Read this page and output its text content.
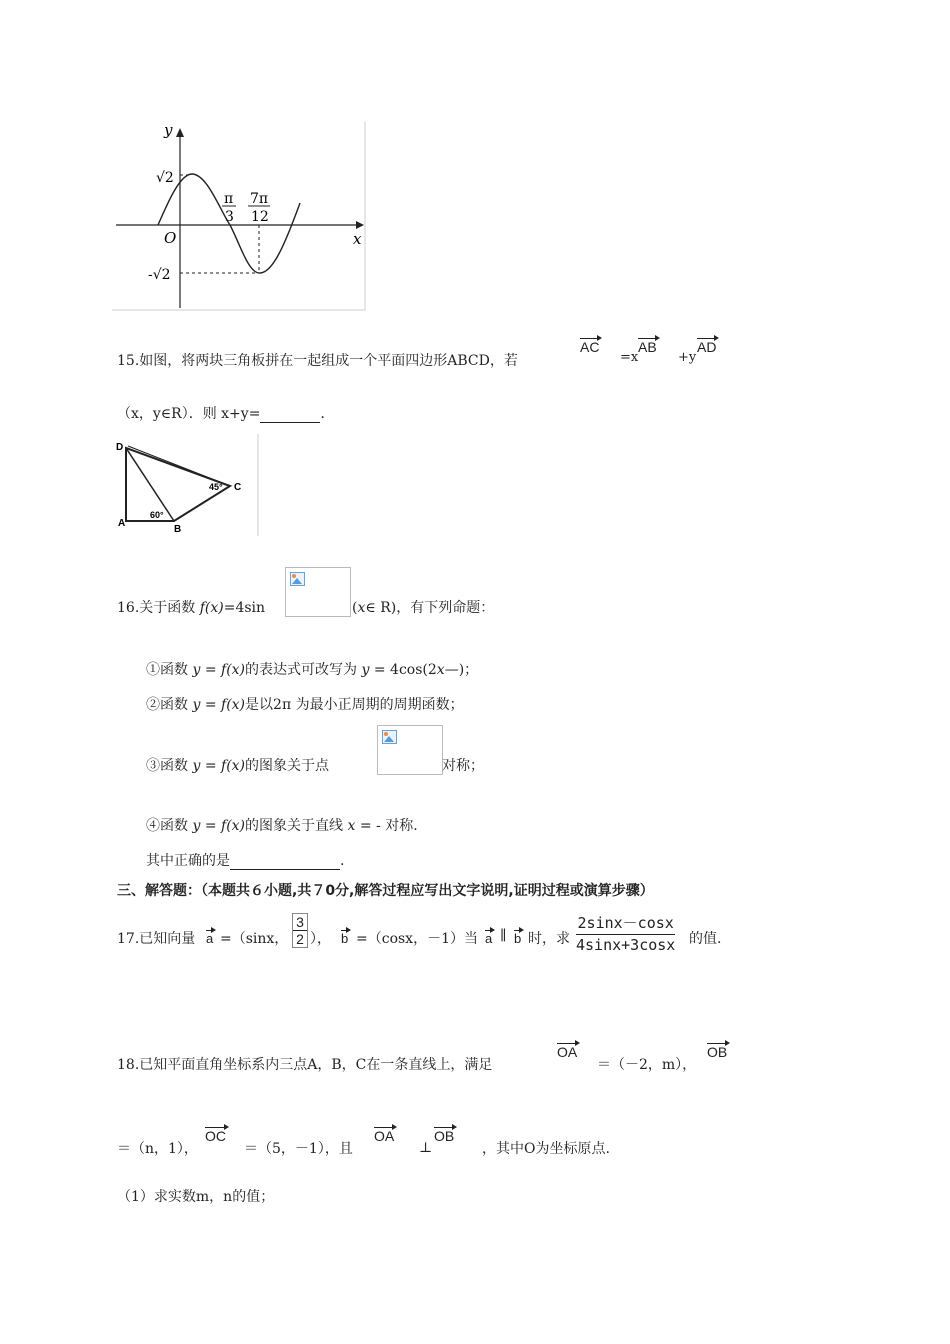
y
x
O
√2
-√2
π
3
7π
12
15.如图，将两块三角板拼在一起组成一个平面四边形ABCD，若
AC
=x
AB
+y
AD
（x，y∈R）．则 x+y=	．
D
A
B
C
60°
45°
16.关于函数 f(x)=4sin	(x∈ R)，有下列命题：
①函数 y = f(x)的表达式可改写为 y = 4cos(2x—)；
②函数 y = f(x)是以2π 为最小正周期的周期函数；
③函数 y = f(x)的图象关于点	对称；
④函数 y = f(x)的图象关于直线 x = - 对称.
其中正确的是	.
三、解答题：（本题共６小题,共７0分,解答过程应写出文字说明,证明过程或演算步骤）
17.已知向量 a =（sinx，
3
2 ）， b =（cosx，－1）当 a ∥ b 时，求
2sinx－cosx
4sinx+3cosx 的值.
18.已知平面直角坐标系内三点A，B，C在一条直线上，满足
OA
＝（－2，m），
OB
＝（n，1），
OC
＝（5，－1），且
OA
⊥
OB
，其中O为坐标原点.
（1）求实数m，n的值；
